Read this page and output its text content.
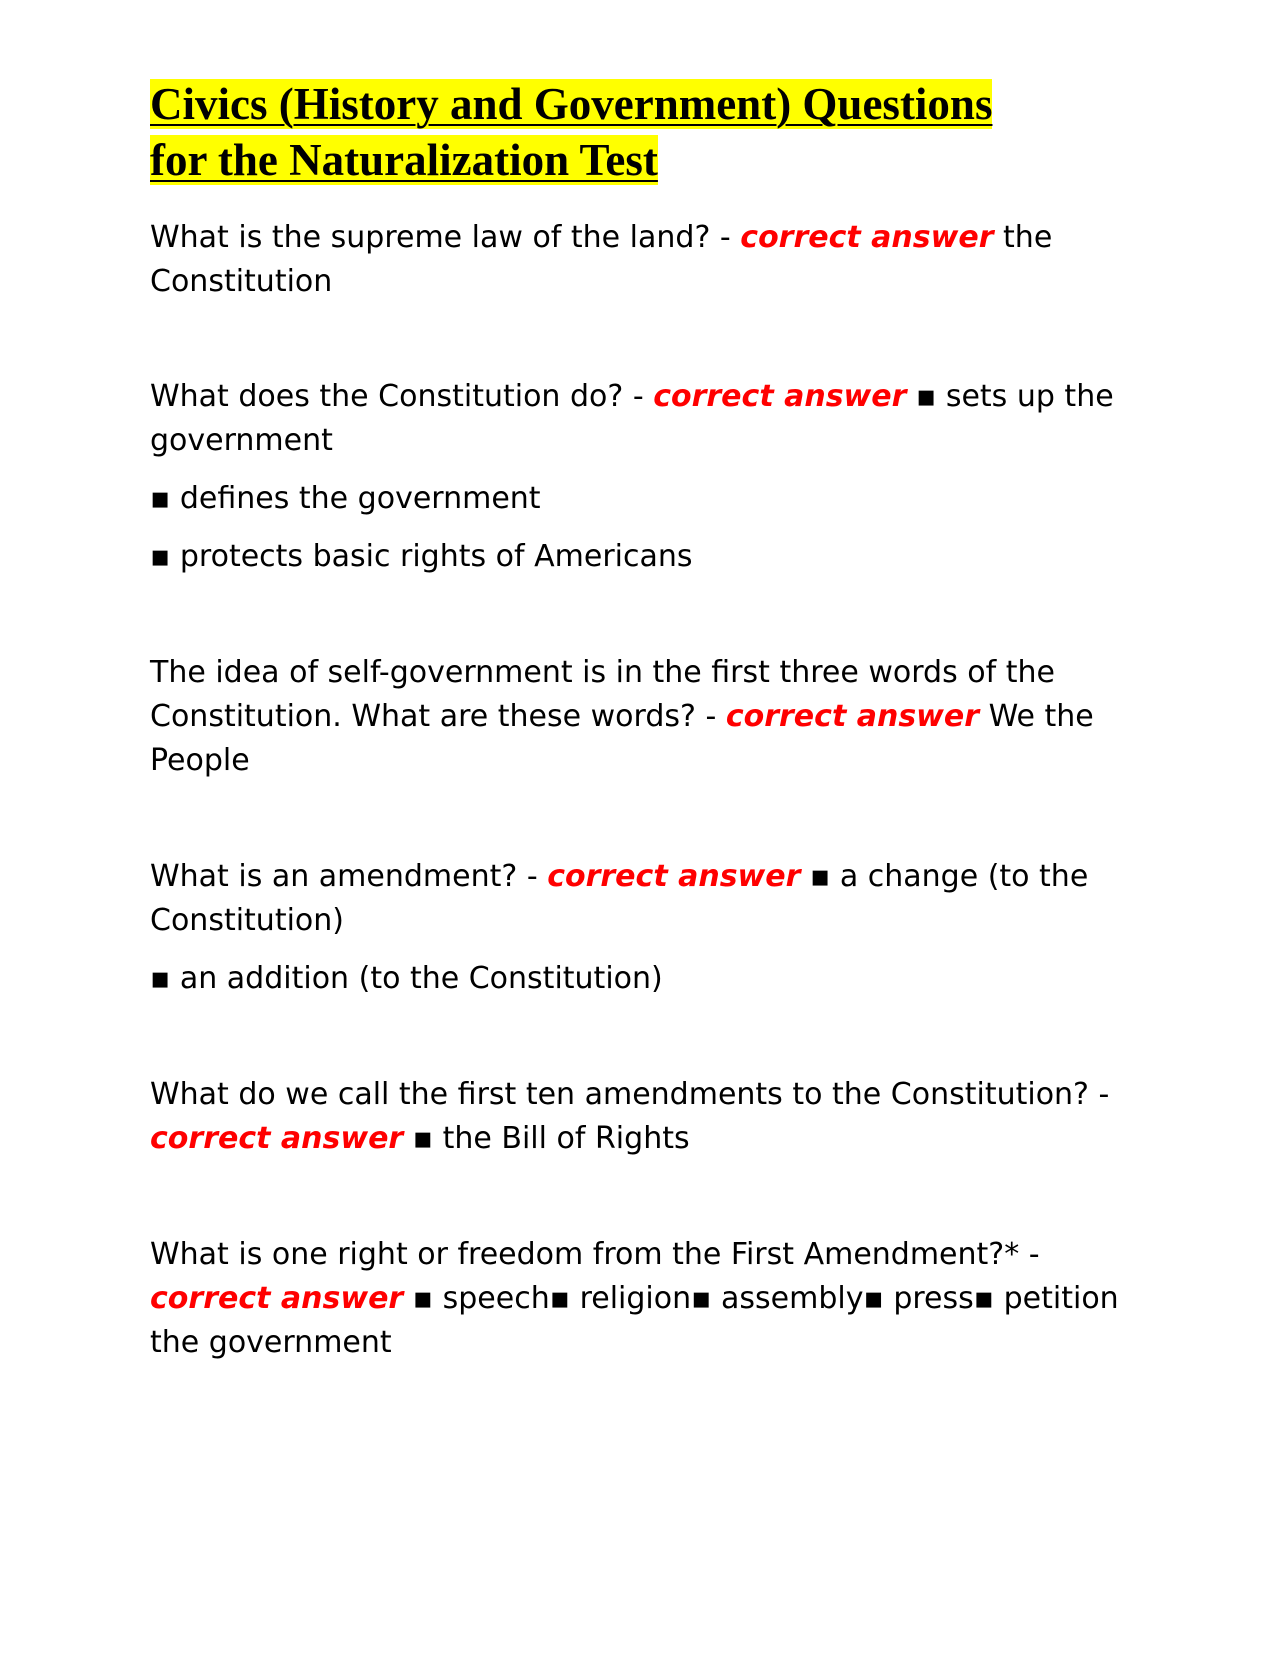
Civics (History and Government) Questions
for the Naturalization Test

What is the supreme law of the land? - correct answer the Constitution

What does the Constitution do? - correct answer ▪ sets up the government

▪ defines the government

▪ protects basic rights of Americans

The idea of self-government is in the first three words of the Constitution. What are these words? - correct answer We the People

What is an amendment? - correct answer ▪ a change (to the Constitution)

▪ an addition (to the Constitution)

What do we call the first ten amendments to the Constitution? - correct answer ▪ the Bill of Rights

What is one right or freedom from the First Amendment?* - correct answer ▪ speech▪ religion▪ assembly▪ press▪ petition the government
